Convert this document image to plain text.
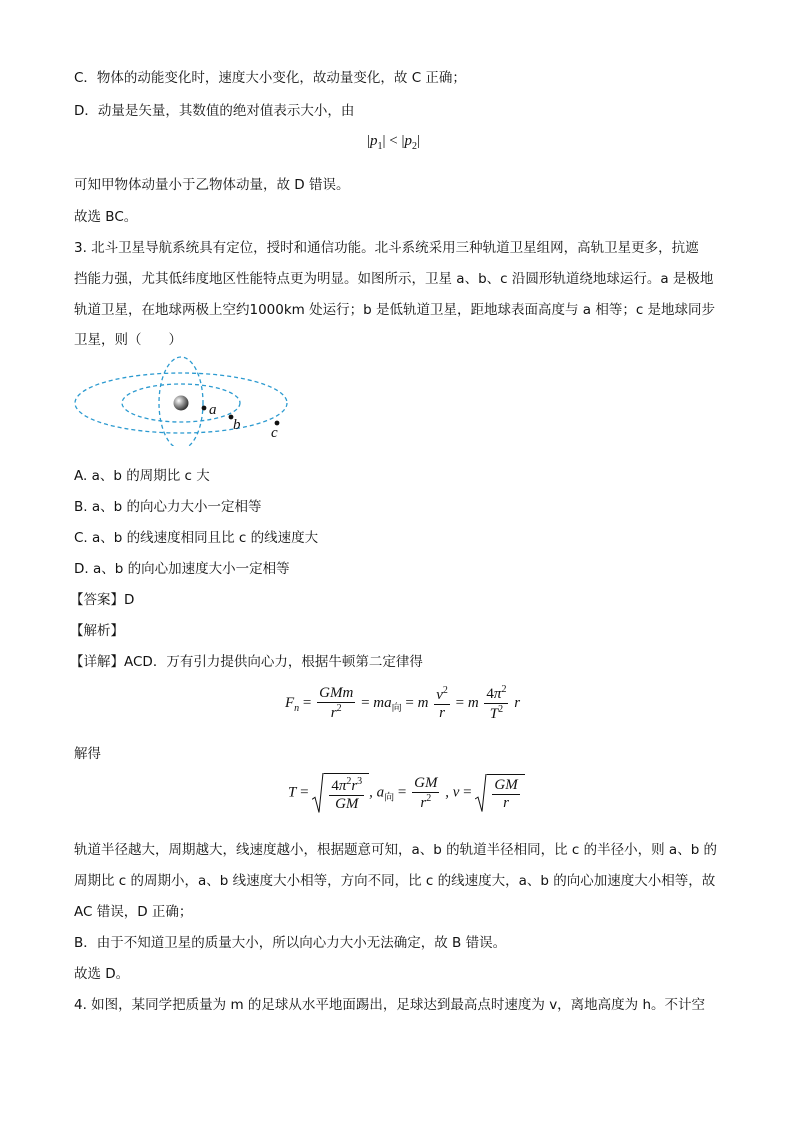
C．物体的动能变化时，速度大小变化，故动量变化，故 C 正确；
D．动量是矢量，其数值的绝对值表示大小，由
$|p_1| < |p_2|$
可知甲物体动量小于乙物体动量，故 D 错误。
故选 BC。
3. 北斗卫星导航系统具有定位，授时和通信功能。北斗系统采用三种轨道卫星组网，高轨卫星更多，抗遮
挡能力强，尤其低纬度地区性能特点更为明显。如图所示，卫星 a、b、c 沿圆形轨道绕地球运行。a 是极地
轨道卫星，在地球两极上空约1000km 处运行；b 是低轨道卫星，距地球表面高度与 a 相等；c 是地球同步
卫星，则（　　）
a
b c
A. a、b 的周期比 c 大
B. a、b 的向心力大小一定相等
C. a、b 的线速度相同且比 c 的线速度大
D. a、b 的向心加速度大小一定相等
【答案】D
【解析】
【详解】ACD．万有引力提供向心力，根据牛顿第二定律得
$F_n = \frac{\text{GMm}}{r^2} = ma_向 = m \frac{v^2}{r} = m \frac{4\pi^2}{T^2}$ r
解得
$T = \frac{4\pi^2r^3}{GM}$ , $a_向 = \frac{GM}{r^2}$ , $v = \frac{GM}{r}$
轨道半径越大，周期越大，线速度越小，根据题意可知，a、b 的轨道半径相同，比 c 的半径小，则 a、b 的
周期比 c 的周期小，a、b 线速度大小相等，方向不同，比 c 的线速度大，a、b 的向心加速度大小相等，故
AC 错误，D 正确；
B．由于不知道卫星的质量大小，所以向心力大小无法确定，故 B 错误。
故选 D。
4. 如图，某同学把质量为 m 的足球从水平地面踢出，足球达到最高点时速度为 v，离地高度为 h。不计空
